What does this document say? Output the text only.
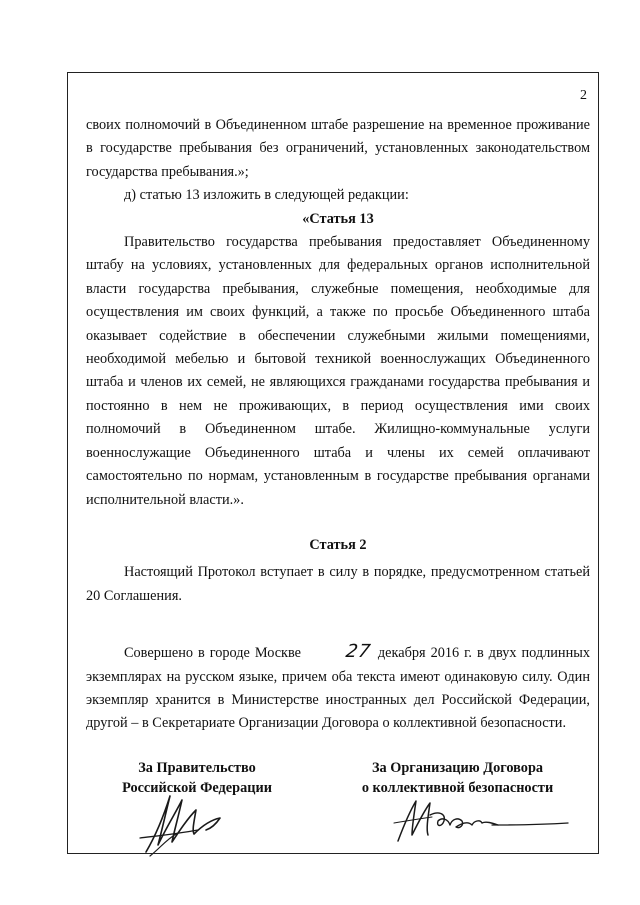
2

своих полномочий в Объединенном штабе разрешение на временное проживание в государстве пребывания без ограничений, установленных законодательством государства пребывания.»;

д) статью 13 изложить в следующей редакции:

«Статья 13

Правительство государства пребывания предоставляет Объединенному штабу на условиях, установленных для федеральных органов исполнительной власти государства пребывания, служебные помещения, необходимые для осуществления им своих функций, а также по просьбе Объединенного штаба оказывает содействие в обеспечении служебными жилыми помещениями, необходимой мебелью и бытовой техникой военнослужащих Объединенного штаба и членов их семей, не являющихся гражданами государства пребывания и постоянно в нем не проживающих, в период осуществления ими своих полномочий в Объединенном штабе. Жилищно-коммунальные услуги военнослужащие Объединенного штаба и члены их семей оплачивают самостоятельно по нормам, установленным в государстве пребывания органами исполнительной власти.».

Статья 2

Настоящий Протокол вступает в силу в порядке, предусмотренном статьей 20 Соглашения.

Совершено в городе Москве 27 декабря 2016 г. в двух подлинных экземплярах на русском языке, причем оба текста имеют одинаковую силу. Один экземпляр хранится в Министерстве иностранных дел Российской Федерации, другой – в Секретариате Организации Договора о коллективной безопасности.

За Правительство
Российской Федерации
За Организацию Договора
о коллективной безопасности
